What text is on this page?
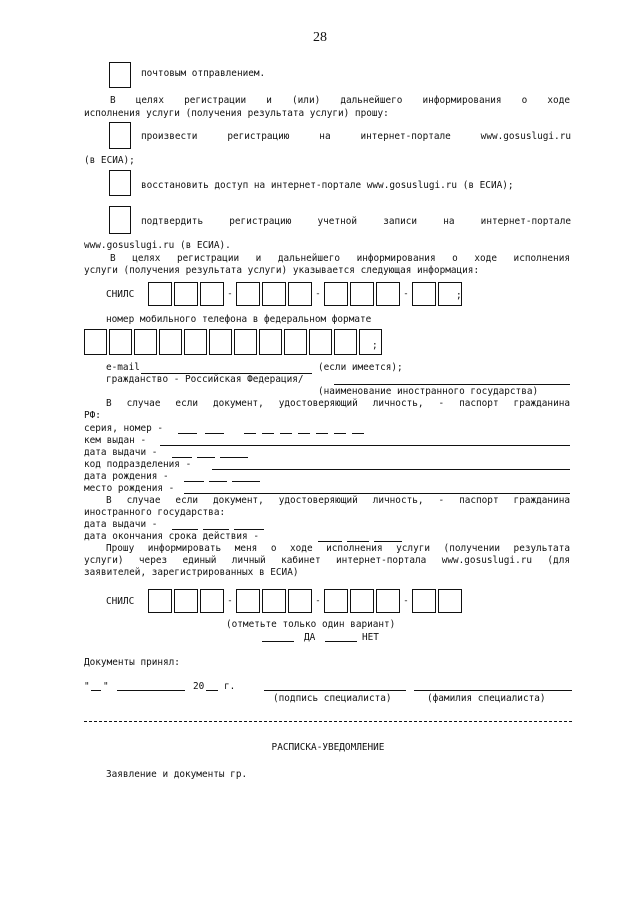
28
почтовым отправлением.
В целях регистрации и (или) дальнейшего информирования о ходе
исполнения услуги (получения результата услуги) прошу:
произвести регистрацию на интернет-портале www.gosuslugi.ru
(в ЕСИА);
восстановить доступ на интернет-портале www.gosuslugi.ru (в ЕСИА);
подтвердить регистрацию учетной записи на интернет-портале
www.gosuslugi.ru (в ЕСИА).
В целях регистрации и дальнейшего информирования о ходе исполнения
услуги (получения результата услуги) указывается следующая информация:
СНИЛС	-	-	-	;
номер мобильного телефона в федеральном формате
;
e-mail	(если имеется);
гражданство - Российская Федерация/
(наименование иностранного государства)
В случае если документ, удостоверяющий личность, - паспорт гражданина
РФ:
серия, номер -
кем выдан -
дата выдачи -
код подразделения -
дата рождения -
место рождения -
В случае если документ, удостоверяющий личность, - паспорт гражданина
иностранного государства:
дата выдачи -
дата окончания срока действия -
Прошу информировать меня о ходе исполнения услуги (получении результата
услуги) через единый личный кабинет интернет-портала www.gosuslugi.ru (для
заявителей, зарегистрированных в ЕСИА)
СНИЛС	-	-	-
(отметьте только один вариант)
ДА	НЕТ
Документы принял:
" "	20 г.
(подпись специалиста)	(фамилия специалиста)
РАСПИСКА-УВЕДОМЛЕНИЕ
Заявление и документы гр.
